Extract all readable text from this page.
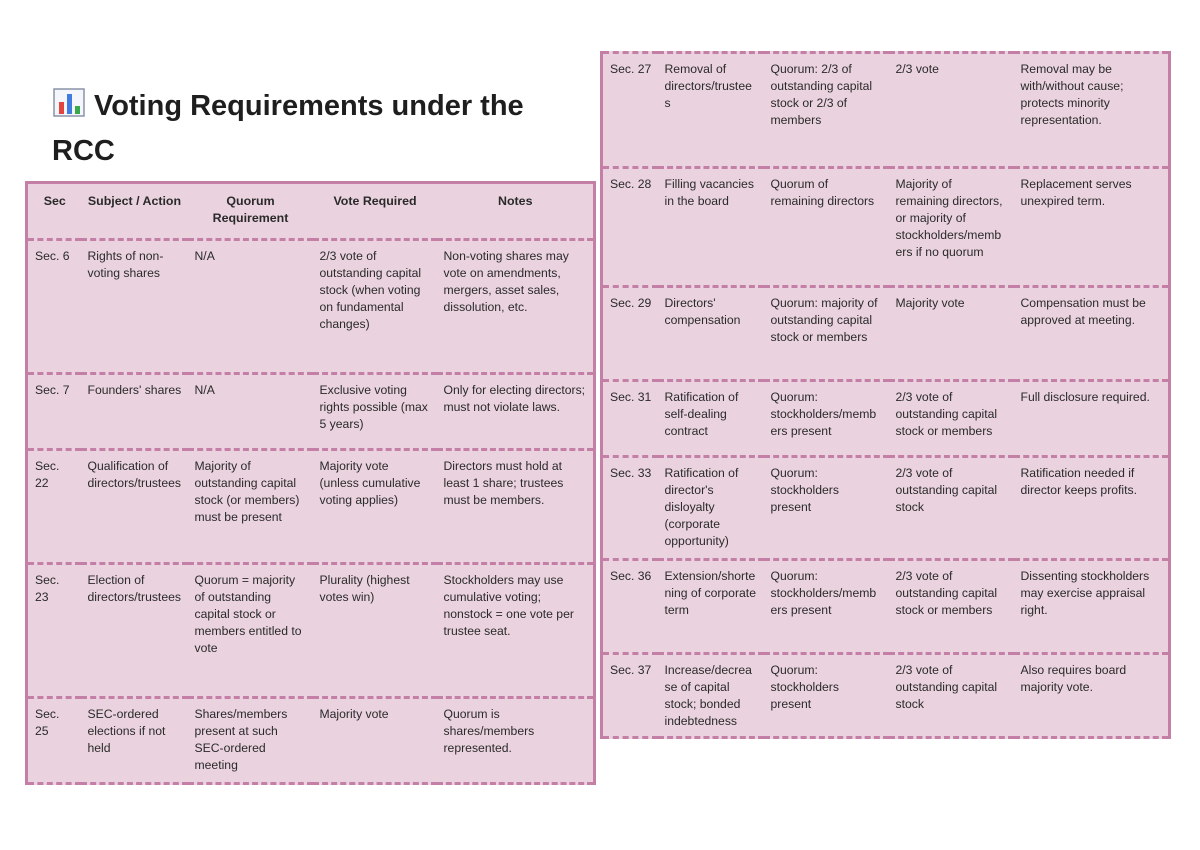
Voting Requirements under the RCC
Sec	Subject / Action	Quorum Requirement	Vote Required	Notes
Sec. 6	Rights of non-voting shares	N/A	2/3 vote of outstanding capital stock (when voting on fundamental changes)	Non-voting shares may vote on amendments, mergers, asset sales, dissolution, etc.
Sec. 7	Founders' shares	N/A	Exclusive voting rights possible (max 5 years)	Only for electing directors; must not violate laws.
Sec. 22	Qualification of directors/trustees	Majority of outstanding capital stock (or members) must be present	Majority vote (unless cumulative voting applies)	Directors must hold at least 1 share; trustees must be members.
Sec. 23	Election of directors/trustees	Quorum = majority of outstanding capital stock or members entitled to vote	Plurality (highest votes win)	Stockholders may use cumulative voting; nonstock = one vote per trustee seat.
Sec. 25	SEC-ordered elections if not held	Shares/members present at such SEC-ordered meeting	Majority vote	Quorum is shares/members represented.
Sec. 27	Removal of directors/trustees	Quorum: 2/3 of outstanding capital stock or 2/3 of members	2/3 vote	Removal may be with/without cause; protects minority representation.
Sec. 28	Filling vacancies in the board	Quorum of remaining directors	Majority of remaining directors, or majority of stockholders/members if no quorum	Replacement serves unexpired term.
Sec. 29	Directors' compensation	Quorum: majority of outstanding capital stock or members	Majority vote	Compensation must be approved at meeting.
Sec. 31	Ratification of self-dealing contract	Quorum: stockholders/members present	2/3 vote of outstanding capital stock or members	Full disclosure required.
Sec. 33	Ratification of director's disloyalty (corporate opportunity)	Quorum: stockholders present	2/3 vote of outstanding capital stock	Ratification needed if director keeps profits.
Sec. 36	Extension/shortening of corporate term	Quorum: stockholders/members present	2/3 vote of outstanding capital stock or members	Dissenting stockholders may exercise appraisal right.
Sec. 37	Increase/decrease of capital stock; bonded indebtedness	Quorum: stockholders present	2/3 vote of outstanding capital stock	Also requires board majority vote.
